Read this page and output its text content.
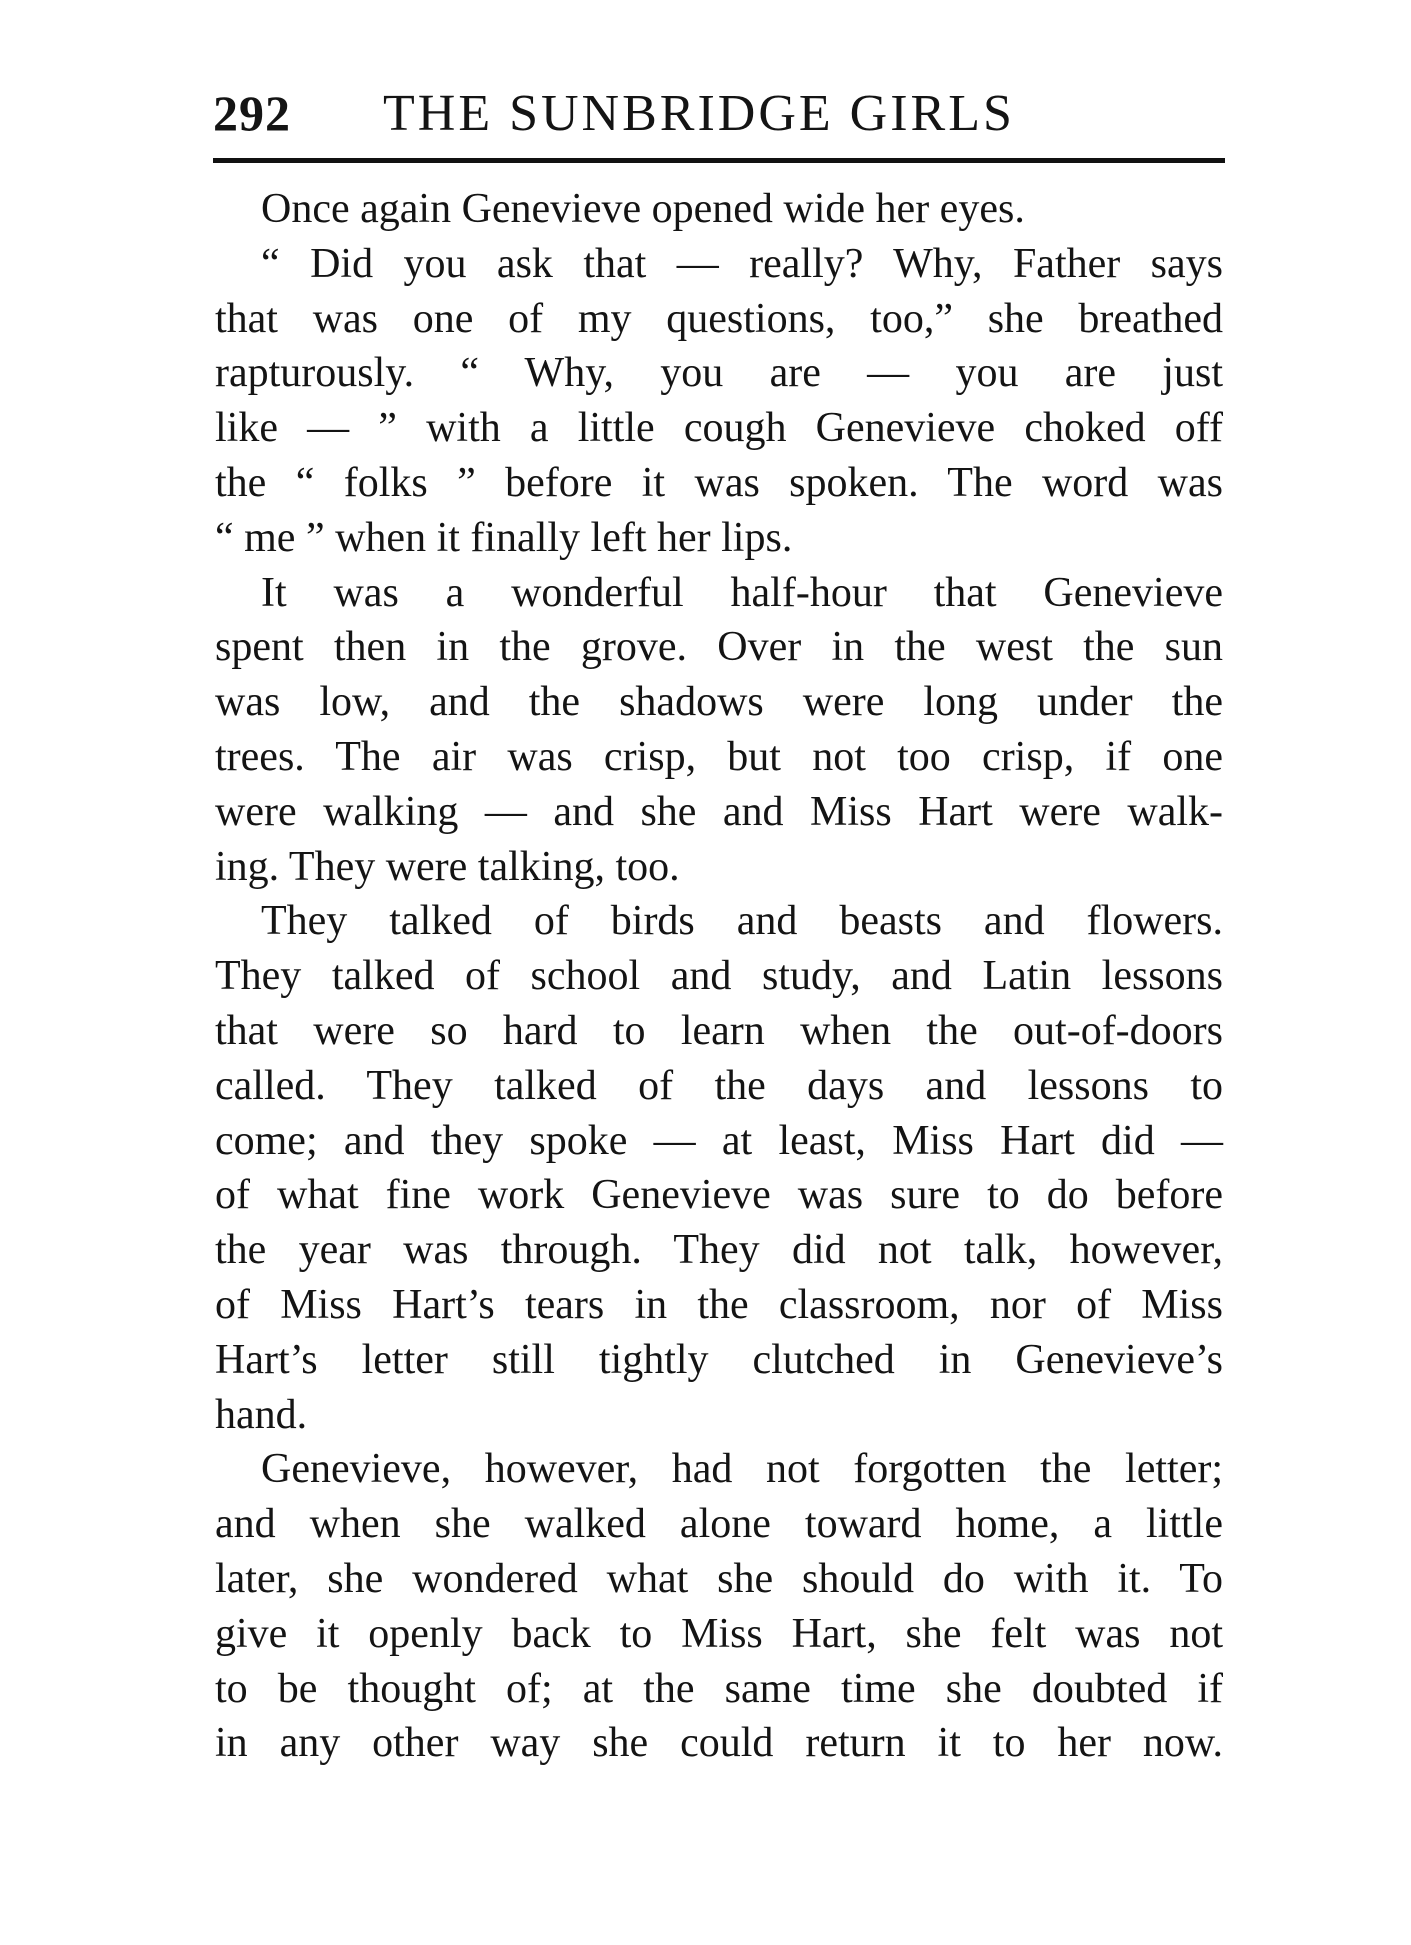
292 THE SUNBRIDGE GIRLS

Once again Genevieve opened wide her eyes.

“ Did you ask that — really? Why, Father says
that was one of my questions, too,” she breathed
rapturously. “ Why, you are — you are just
like — ” with a little cough Genevieve choked off
the “ folks ” before it was spoken. The word was
“ me ” when it finally left her lips.

It was a wonderful half-hour that Genevieve
spent then in the grove. Over in the west the sun
was low, and the shadows were long under the
trees. The air was crisp, but not too crisp, if one
were walking — and she and Miss Hart were walk-
ing. They were talking, too.

They talked of birds and beasts and flowers.
They talked of school and study, and Latin lessons
that were so hard to learn when the out-of-doors
called. They talked of the days and lessons to
come; and they spoke — at least, Miss Hart did —
of what fine work Genevieve was sure to do before
the year was through. They did not talk, however,
of Miss Hart’s tears in the classroom, nor of Miss
Hart’s letter still tightly clutched in Genevieve’s
hand.

Genevieve, however, had not forgotten the letter;
and when she walked alone toward home, a little
later, she wondered what she should do with it. To
give it openly back to Miss Hart, she felt was not
to be thought of; at the same time she doubted if
in any other way she could return it to her now.
